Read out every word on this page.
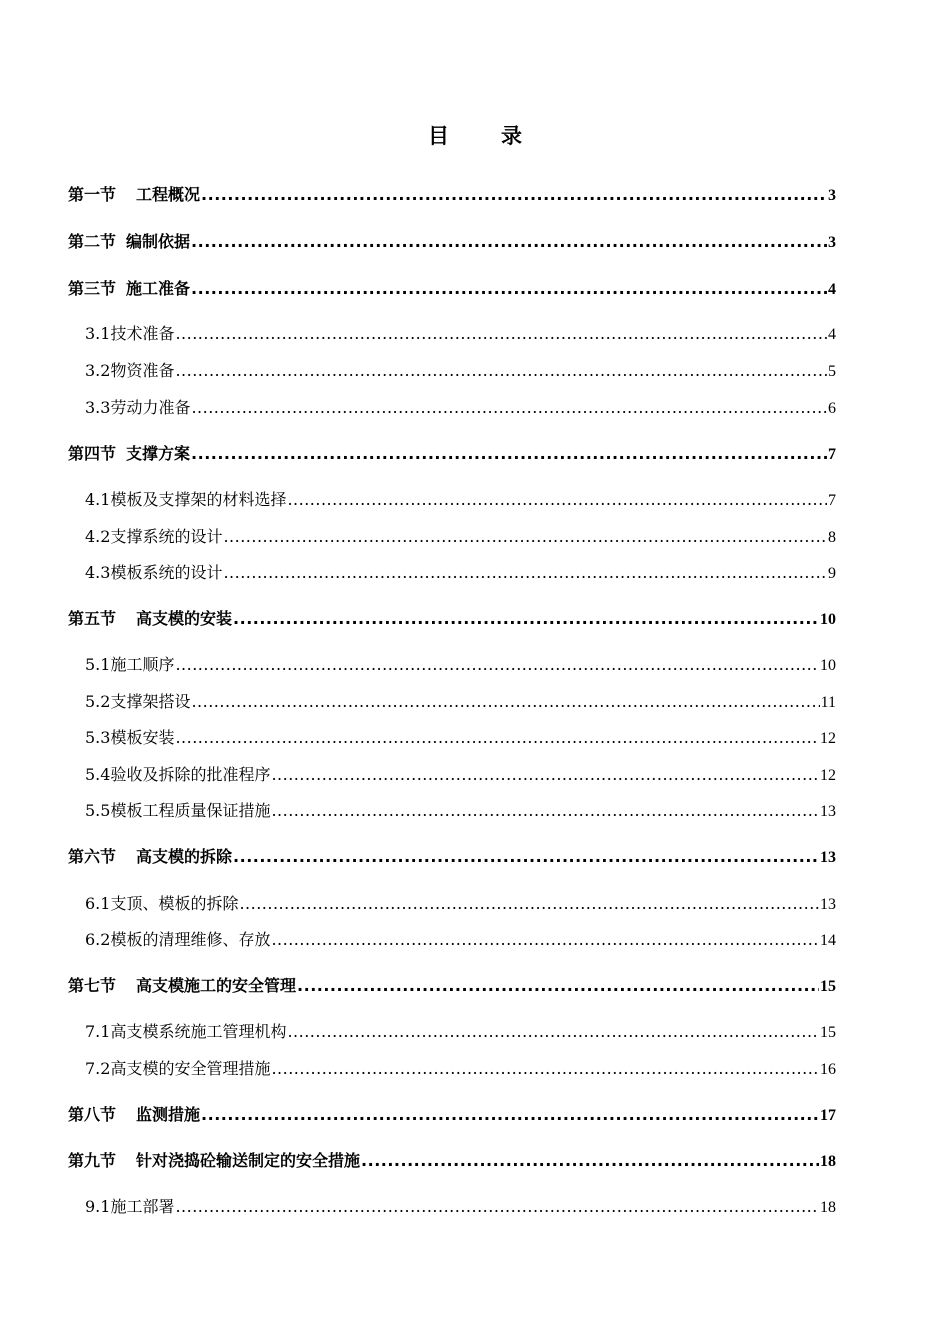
目 录
第一节 工程概况 .....	3
第二节 编制依据 .....	3
第三节 施工准备 .....	4
3.1技术准备 .....	4
3.2物资准备 .....	5
3.3劳动力准备 .....	6
第四节 支撑方案 .....	7
4.1模板及支撑架的材料选择 .....	7
4.2支撑系统的设计 .....	8
4.3模板系统的设计 .....	9
第五节 高支模的安装 .....	10
5.1施工顺序 .....	10
5.2支撑架搭设 .....	11
5.3模板安装 .....	12
5.4验收及拆除的批准程序 .....	12
5.5模板工程质量保证措施 .....	13
第六节 高支模的拆除 .....	13
6.1支顶、模板的拆除 .....	13
6.2模板的清理维修、存放 .....	14
第七节 高支模施工的安全管理 .....	15
7.1高支模系统施工管理机构 .....	15
7.2高支模的安全管理措施 .....	16
第八节 监测措施 .....	17
第九节 针对浇捣砼输送制定的安全措施 .....	18
9.1施工部署 .....	18
